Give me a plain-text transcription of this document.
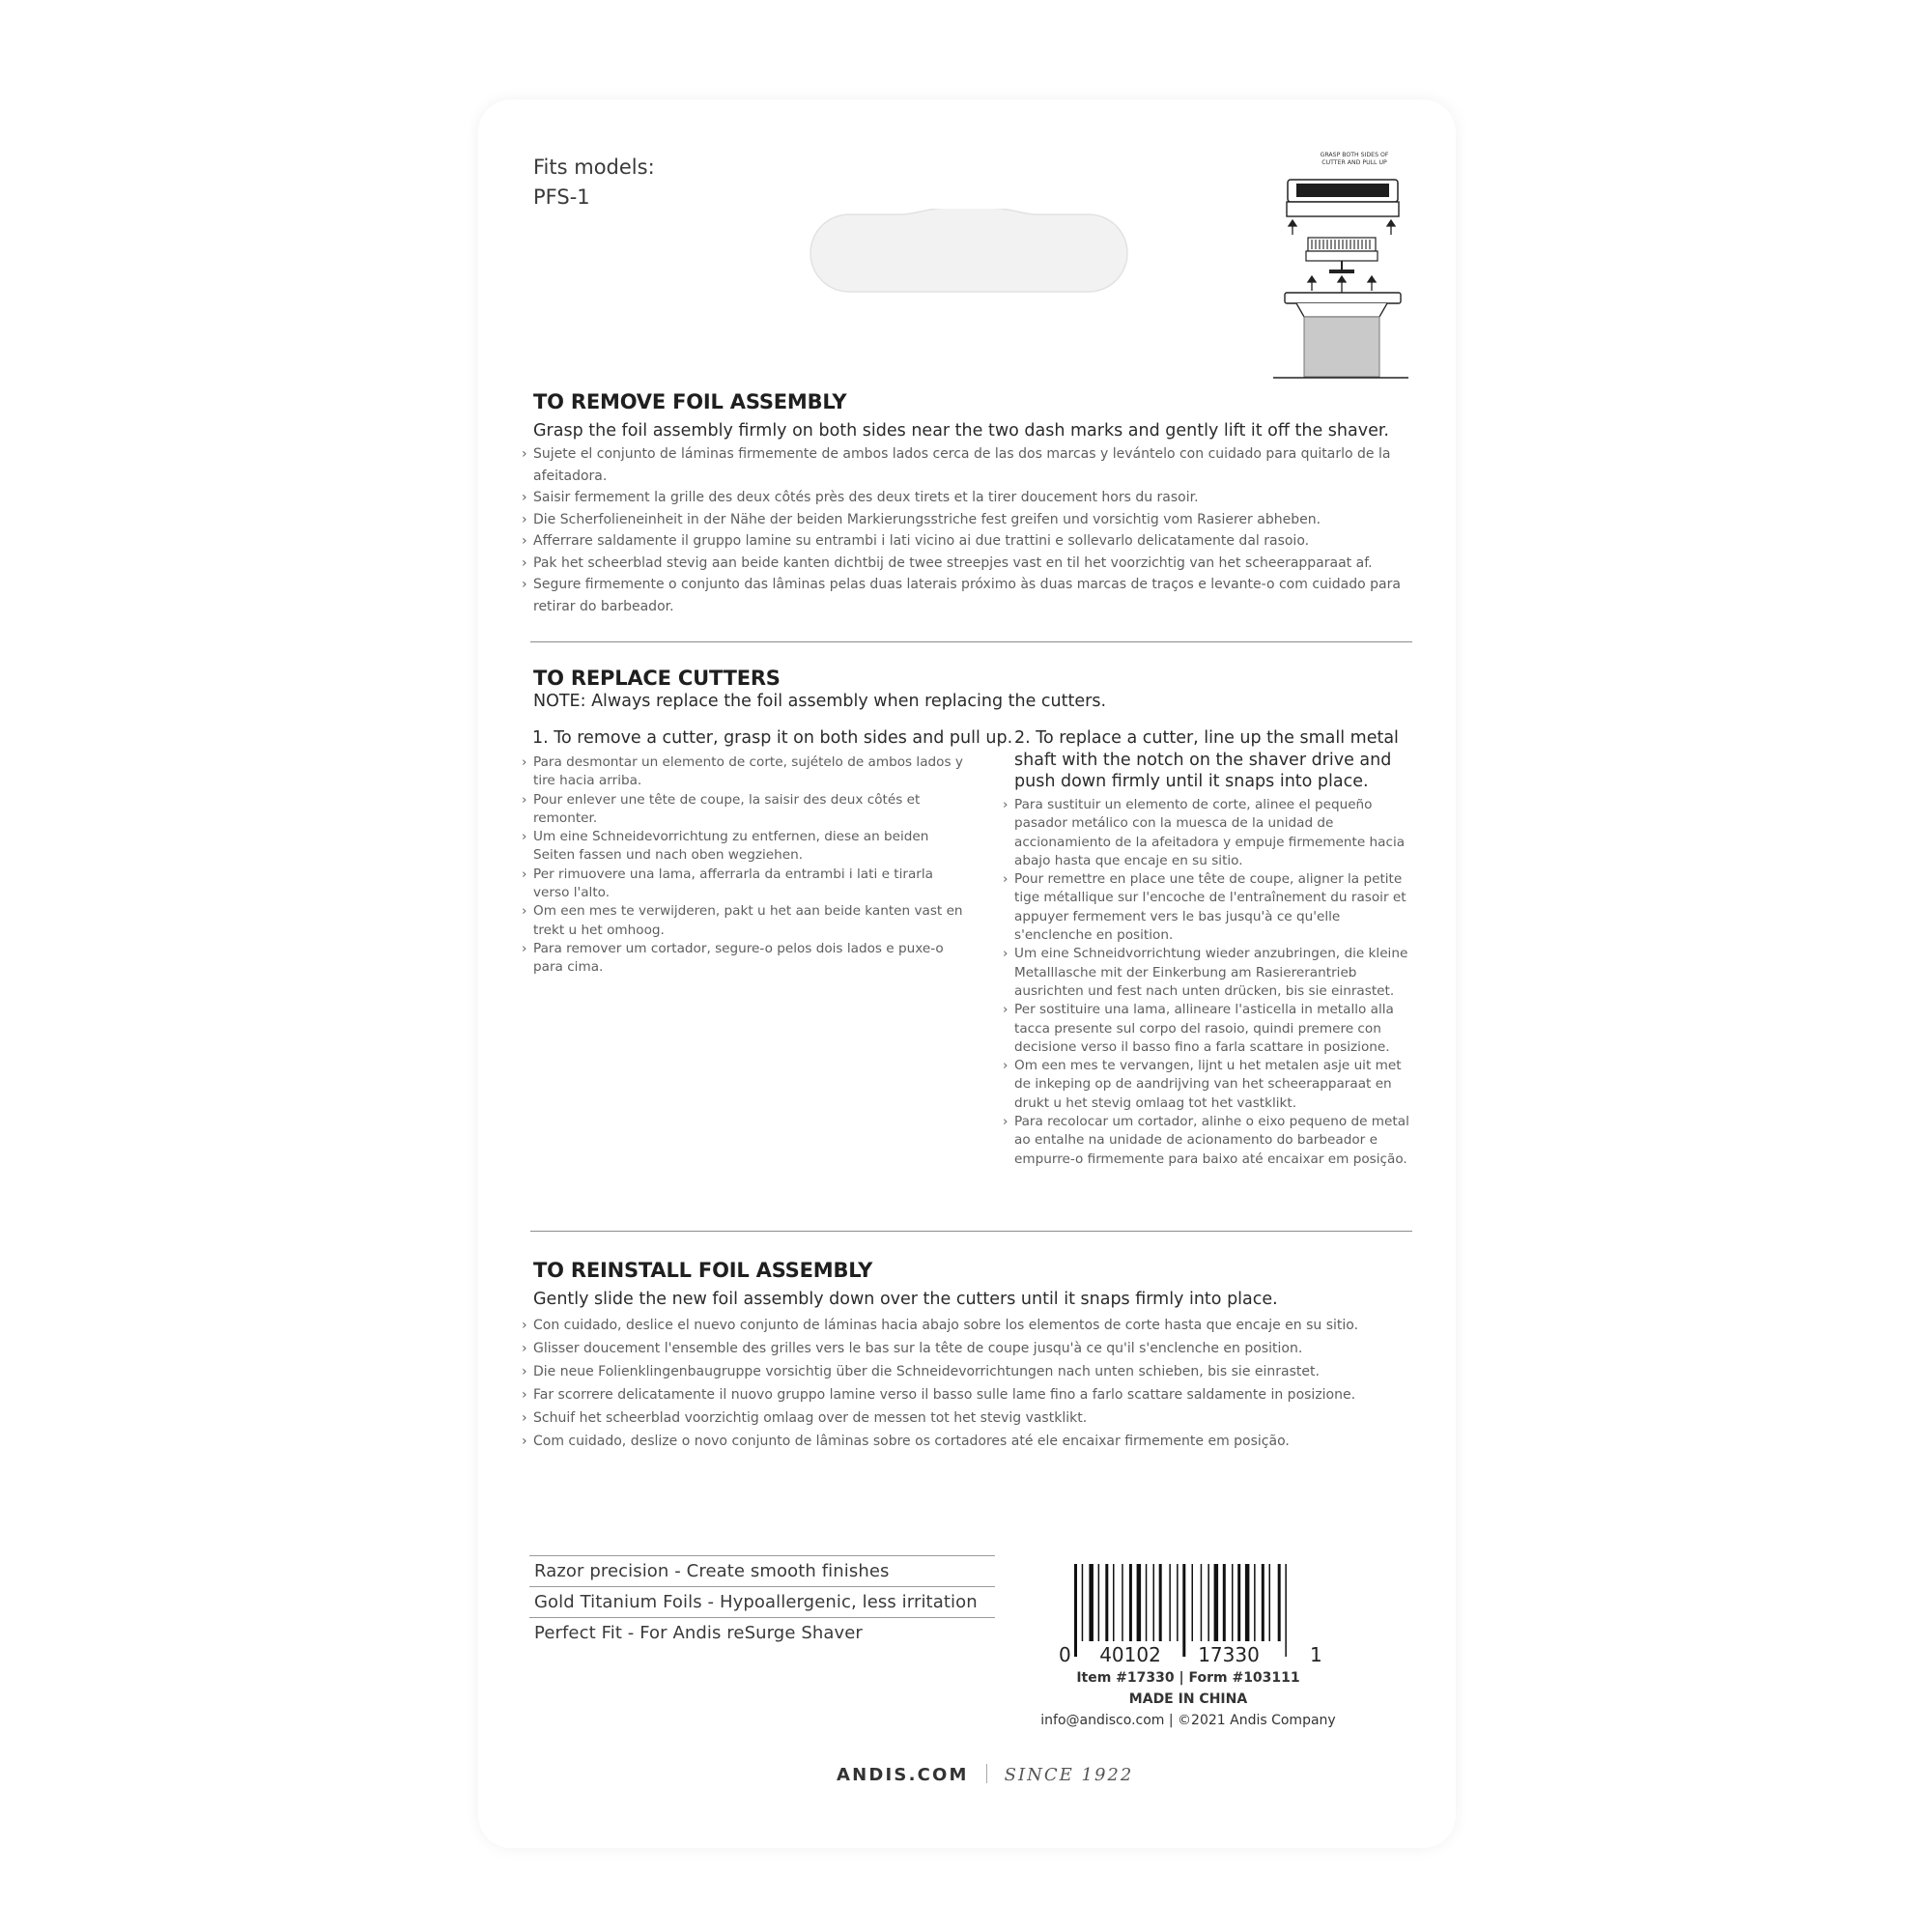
Fits models:
PFS-1
GRASP BOTH SIDES OF
CUTTER AND PULL UP
TO REMOVE FOIL ASSEMBLY
Grasp the foil assembly firmly on both sides near the two dash marks and gently lift it off the shaver.
› Sujete el conjunto de láminas firmemente de ambos lados cerca de las dos marcas y levántelo con cuidado para quitarlo de la afeitadora.
› Saisir fermement la grille des deux côtés près des deux tirets et la tirer doucement hors du rasoir.
› Die Scherfolieneinheit in der Nähe der beiden Markierungsstriche fest greifen und vorsichtig vom Rasierer abheben.
› Afferrare saldamente il gruppo lamine su entrambi i lati vicino ai due trattini e sollevarlo delicatamente dal rasoio.
› Pak het scheerblad stevig aan beide kanten dichtbij de twee streepjes vast en til het voorzichtig van het scheerapparaat af.
› Segure firmemente o conjunto das lâminas pelas duas laterais próximo às duas marcas de traços e levante-o com cuidado para retirar do barbeador.
TO REPLACE CUTTERS
NOTE: Always replace the foil assembly when replacing the cutters.
1. To remove a cutter, grasp it on both sides and pull up.
› Para desmontar un elemento de corte, sujételo de ambos lados y tire hacia arriba.
› Pour enlever une tête de coupe, la saisir des deux côtés et remonter.
› Um eine Schneidevorrichtung zu entfernen, diese an beiden Seiten fassen und nach oben wegziehen.
› Per rimuovere una lama, afferrarla da entrambi i lati e tirarla verso l'alto.
› Om een mes te verwijderen, pakt u het aan beide kanten vast en trekt u het omhoog.
› Para remover um cortador, segure-o pelos dois lados e puxe-o para cima.
2. To replace a cutter, line up the small metal shaft with the notch on the shaver drive and push down firmly until it snaps into place.
› Para sustituir un elemento de corte, alinee el pequeño pasador metálico con la muesca de la unidad de accionamiento de la afeitadora y empuje firmemente hacia abajo hasta que encaje en su sitio.
› Pour remettre en place une tête de coupe, aligner la petite tige métallique sur l'encoche de l'entraînement du rasoir et appuyer fermement vers le bas jusqu'à ce qu'elle s'enclenche en position.
› Um eine Schneidvorrichtung wieder anzubringen, die kleine Metalllasche mit der Einkerbung am Rasiererantrieb ausrichten und fest nach unten drücken, bis sie einrastet.
› Per sostituire una lama, allineare l'asticella in metallo alla tacca presente sul corpo del rasoio, quindi premere con decisione verso il basso fino a farla scattare in posizione.
› Om een mes te vervangen, lijnt u het metalen asje uit met de inkeping op de aandrijving van het scheerapparaat en drukt u het stevig omlaag tot het vastklikt.
› Para recolocar um cortador, alinhe o eixo pequeno de metal ao entalhe na unidade de acionamento do barbeador e empurre-o firmemente para baixo até encaixar em posição.
TO REINSTALL FOIL ASSEMBLY
Gently slide the new foil assembly down over the cutters until it snaps firmly into place.
› Con cuidado, deslice el nuevo conjunto de láminas hacia abajo sobre los elementos de corte hasta que encaje en su sitio.
› Glisser doucement l'ensemble des grilles vers le bas sur la tête de coupe jusqu'à ce qu'il s'enclenche en position.
› Die neue Folienklingenbaugruppe vorsichtig über die Schneidevorrichtungen nach unten schieben, bis sie einrastet.
› Far scorrere delicatamente il nuovo gruppo lamine verso il basso sulle lame fino a farlo scattare saldamente in posizione.
› Schuif het scheerblad voorzichtig omlaag over de messen tot het stevig vastklikt.
› Com cuidado, deslize o novo conjunto de lâminas sobre os cortadores até ele encaixar firmemente em posição.
Razor precision - Create smooth finishes
Gold Titanium Foils - Hypoallergenic, less irritation
Perfect Fit - For Andis reSurge Shaver
0 40102 17330	1
Item #17330 | Form #103111
MADE IN CHINA
info@andisco.com | ©2021 Andis Company
ANDIS.COM SINCE 1922
